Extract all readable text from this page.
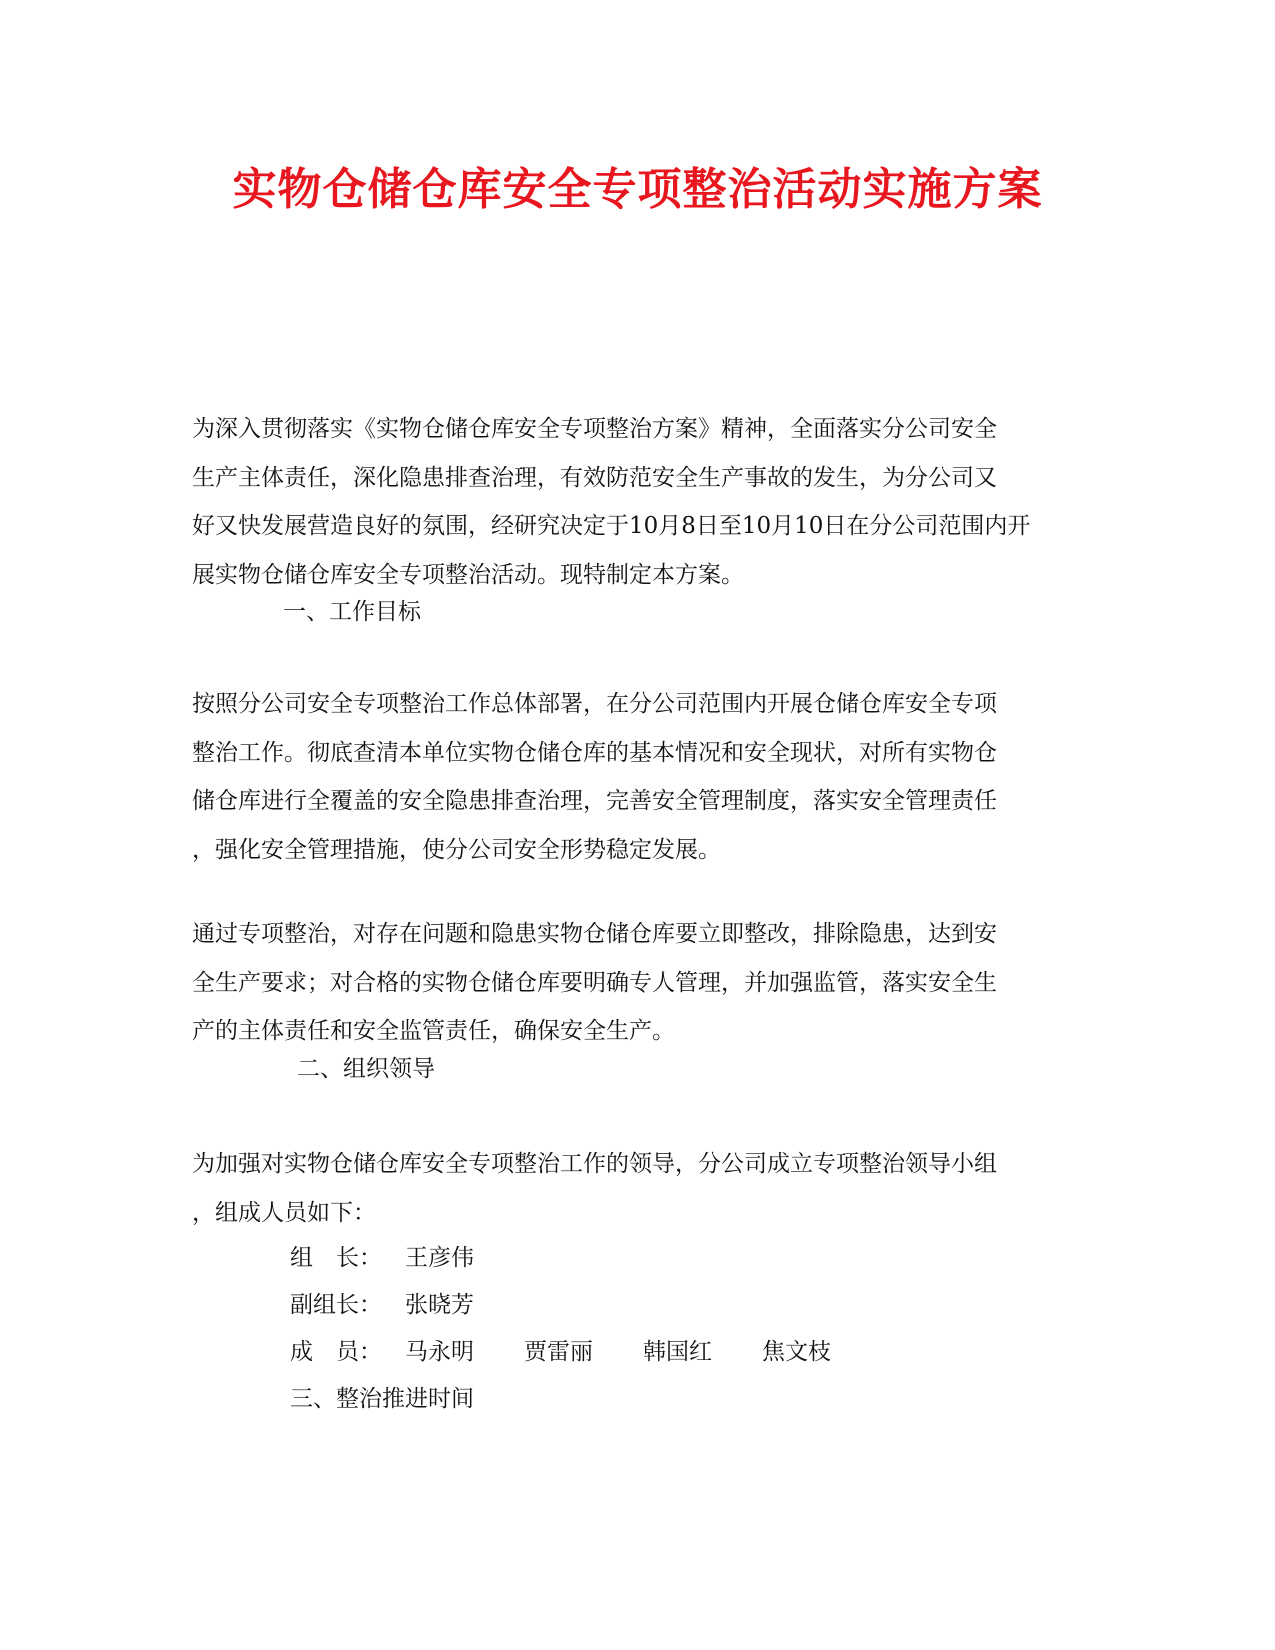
实物仓储仓库安全专项整治活动实施方案

为深入贯彻落实《实物仓储仓库安全专项整治方案》精神，全面落实分公司安全
生产主体责任，深化隐患排查治理，有效防范安全生产事故的发生，为分公司又
好又快发展营造良好的氛围，经研究决定于10月8日至10月10日在分公司范围内开
展实物仓储仓库安全专项整治活动。现特制定本方案。

一、工作目标

按照分公司安全专项整治工作总体部署，在分公司范围内开展仓储仓库安全专项
整治工作。彻底查清本单位实物仓储仓库的基本情况和安全现状，对所有实物仓
储仓库进行全覆盖的安全隐患排查治理，完善安全管理制度，落实安全管理责任
，强化安全管理措施，使分公司安全形势稳定发展。

通过专项整治，对存在问题和隐患实物仓储仓库要立即整改，排除隐患，达到安
全生产要求；对合格的实物仓储仓库要明确专人管理，并加强监管，落实安全生
产的主体责任和安全监管责任，确保安全生产。

二、组织领导

为加强对实物仓储仓库安全专项整治工作的领导，分公司成立专项整治领导小组
，组成人员如下：

组　长： 王彦伟
副组长： 张晓芳
成　员： 马永明 贾雷丽 韩国红 焦文枝
三、整治推进时间
